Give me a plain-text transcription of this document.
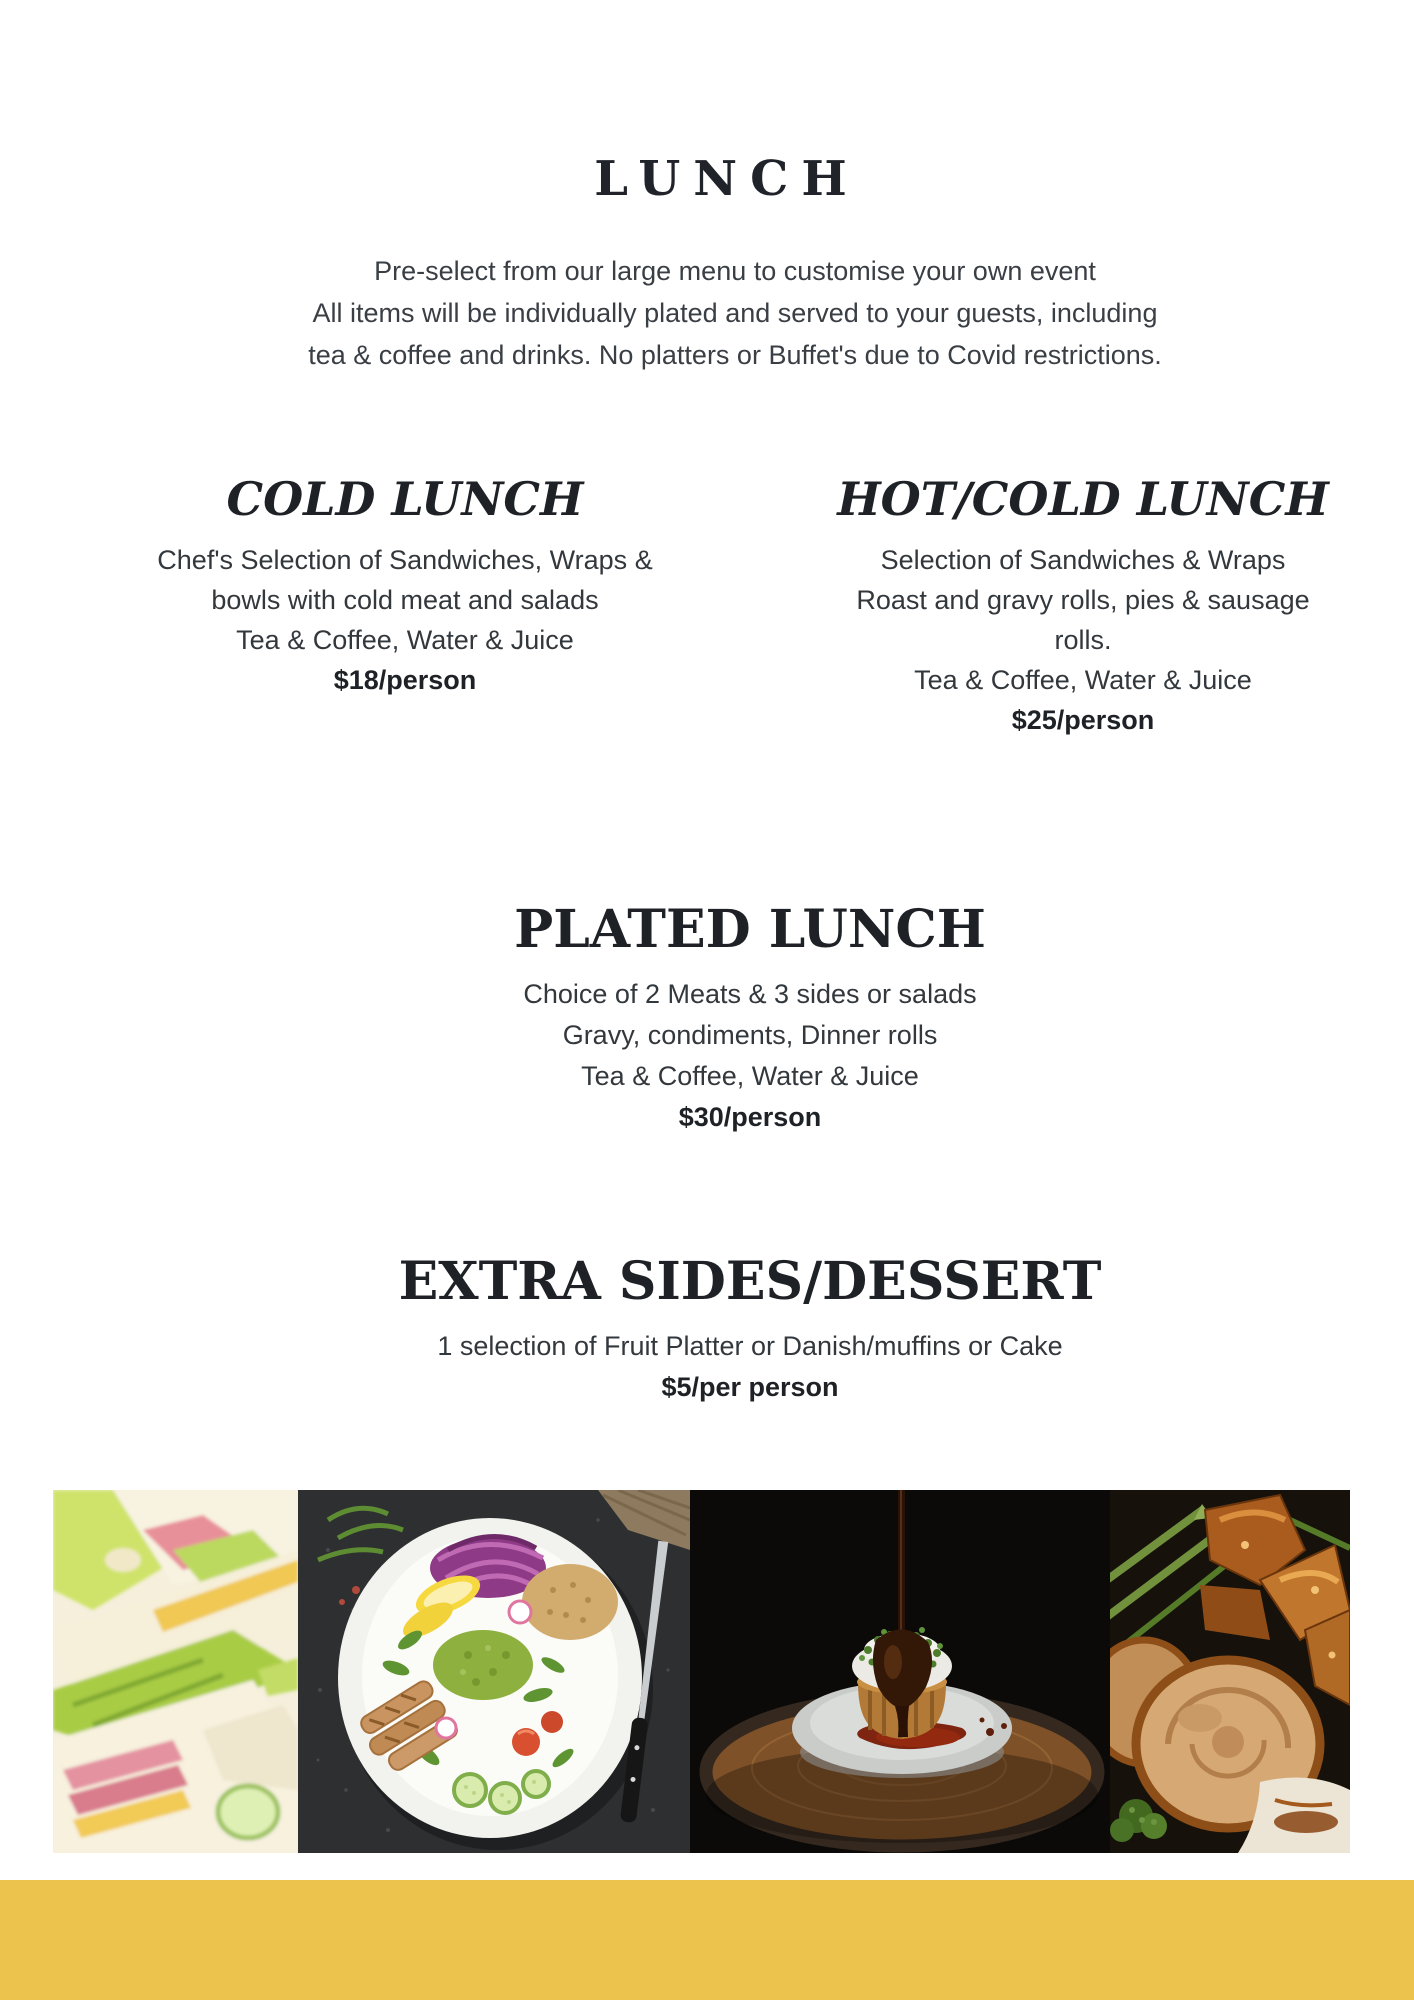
LUNCH
Pre-select from our large menu to customise your own event
All items will be individually plated and served to your guests, including
tea & coffee and drinks. No platters or Buffet's due to Covid restrictions.
COLD LUNCH
Chef's Selection of Sandwiches, Wraps &
bowls with cold meat and salads
Tea & Coffee, Water & Juice
$18/person
HOT/COLD LUNCH
Selection of Sandwiches & Wraps
Roast and gravy rolls, pies & sausage
rolls.
Tea & Coffee, Water & Juice
$25/person
PLATED LUNCH
Choice of 2 Meats & 3 sides or salads
Gravy, condiments, Dinner rolls
Tea & Coffee, Water & Juice
$30/person
EXTRA SIDES/DESSERT
1 selection of Fruit Platter or Danish/muffins or Cake
$5/per person
